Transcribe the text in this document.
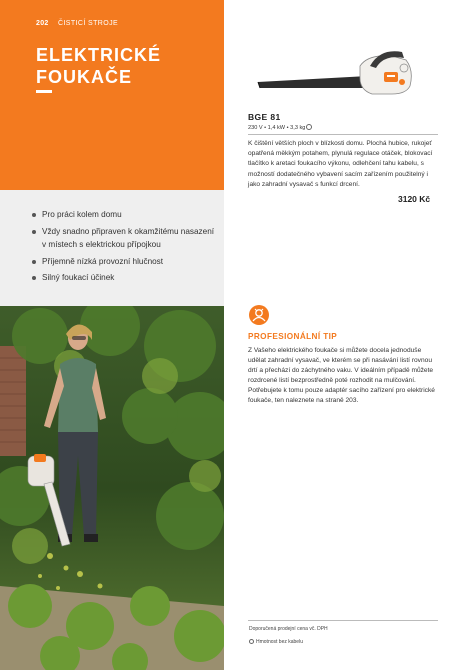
202 ČISTICÍ STROJE
ELEKTRICKÉ
FOUKAČE
Pro práci kolem domu
Vždy snadno připraven k okamžitému nasazení v místech s elektrickou přípojkou
Příjemně nízká provozní hlučnost
Silný foukací účinek
BGE 81
230 V • 1,4 kW • 3,3 kg
K čištění větších ploch v blízkosti domu. Plochá hubice, rukojeť opatřená měkkým potahem, plynulá regulace otáček, blokovací tlačítko k aretaci foukacího výkonu, odlehčení tahu kabelu, s možností dodatečného vybavení sacím zařízením použitelný i jako zahradní vysavač s funkcí drcení.
3120 Kč
PROFESIONÁLNÍ TIP
Z Vašeho elektrického foukače si můžete docela jednoduše udělat zahradní vysavač, ve kterém se při nasávání listí rovnou drtí a přechází do záchytného vaku. V ideálním případě můžete rozdrcené listí bezprostředně poté rozhodit na mulčování. Potřebujete k tomu pouze adaptér sacího zařízení pro elektrické foukače, ten naleznete na straně 203.
Doporučená prodejní cena vč. DPH
Hmotnost bez kabelu
